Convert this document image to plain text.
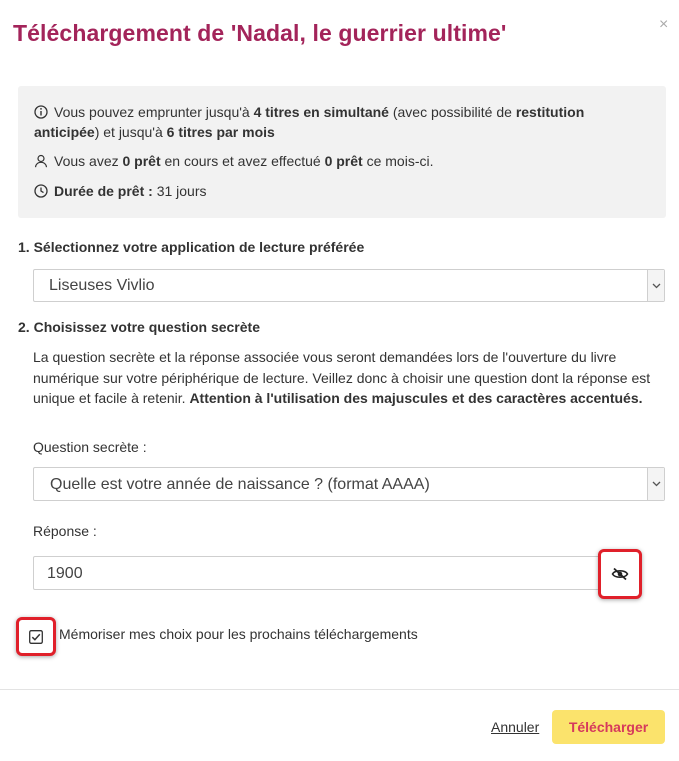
Téléchargement de 'Nadal, le guerrier ultime'	×
Vous pouvez emprunter jusqu'à 4 titres en simultané (avec possibilité de restitution
anticipée) et jusqu'à 6 titres par mois
Vous avez 0 prêt en cours et avez effectué 0 prêt ce mois-ci.
Durée de prêt : 31 jours
1. Sélectionnez votre application de lecture préférée
Liseuses Vivlio
2. Choisissez votre question secrète
La question secrète et la réponse associée vous seront demandées lors de l'ouverture du livre numérique sur votre périphérique de lecture. Veillez donc à choisir une question dont la réponse est unique et facile à retenir. Attention à l'utilisation des majuscules et des caractères accentués.
Question secrète :
Quelle est votre année de naissance ? (format AAAA)
Réponse :
1900
Mémoriser mes choix pour les prochains téléchargements
Annuler	Télécharger
